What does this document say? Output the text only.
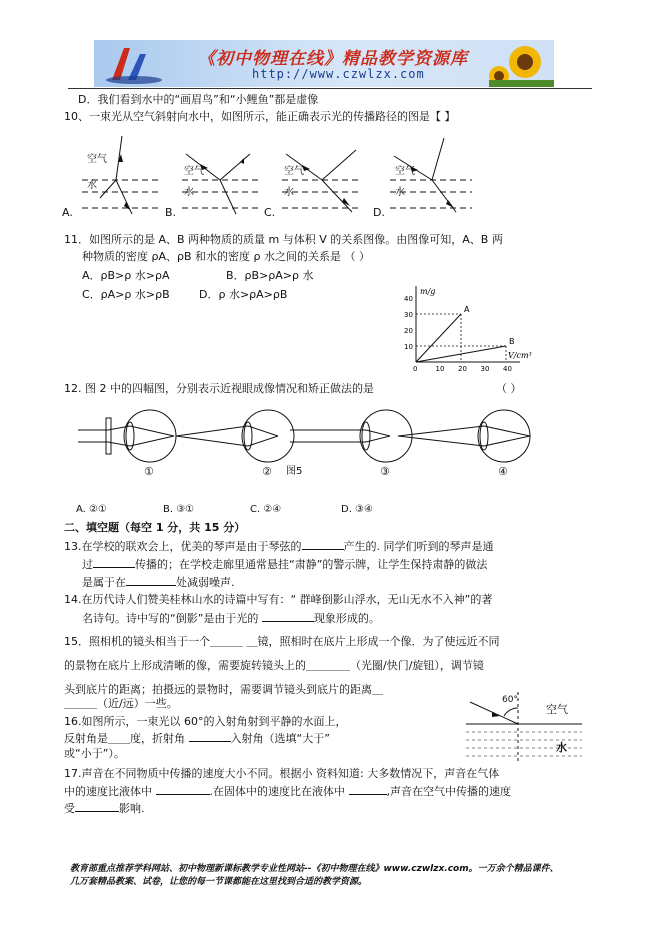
《初中物理在线》精品教学资源库
http://www.czwlzx.com
D．我们看到水中的“画眉鸟”和“小鲤鱼”都是虚像
10、一束光从空气斜射向水中，如图所示，能正确表示光的传播路径的图是【 】
空气
水
空气
水
空气
水
空气
水
A.	B.	C.	D.
11．如图所示的是 A、B 两种物质的质量 m 与体积 V 的关系图像。由图像可知，A、B 两
种物质的密度 ρA、ρB 和水的密度 ρ 水之间的关系是 （ ）
A．ρB>ρ 水>ρA	B．ρB>ρA>ρ 水
C．ρA>ρ 水>ρB	D．ρ 水>ρA>ρB	m/g
V/cm³
0	10 20 30 40
10
20
30
40
A
B
12. 图 2 中的四幅图，分别表示近视眼成像情况和矫正做法的是	（ ）
①	② 图5	③	④
A. ②①	B. ③①	C. ②④	D. ③④
二、填空题（每空 1 分，共 15 分）
13.在学校的联欢会上，优美的琴声是由于琴弦的	产生的. 同学们听到的琴声是通
过	传播的；在学校走廊里通常悬挂“肃静”的警示牌，让学生保持肃静的做法
是属于在	处减弱噪声.
14.在历代诗人们赞美桂林山水的诗篇中写有：“ 群峰倒影山浮水，无山无水不入神”的著
名诗句。诗中写的“倒影”是由于光的	现象形成的。
15．照相机的镜头相当于一个＿＿＿ ＿镜，照相时在底片上形成一个像．为了使远近不同
的景物在底片上形成清晰的像，需要旋转镜头上的＿＿＿＿（光圈/快门/旋钮），调节镜
头到底片的距离；拍摄远的景物时，需要调节镜头到底片的距离＿
＿＿＿（近/远）一些。
16.如图所示，一束光以 60°的入射角射到平静的水面上，
反射角是＿＿度，折射角	入射角（选填“大于”
或“小于”）。
60°
空气
水
17.声音在不同物质中传播的速度大小不同。根据小 资料知道: 大多数情况下，声音在气体
中的速度比液体中	.在固体中的速度比在液体中	,声音在空气中传播的速度
受	影响.
教育部重点推荐学科网站、初中物理新课标教学专业性网站--《初中物理在线》www.czwlzx.com。一万余个精品课件、
几万套精品教案、试卷，让您的每一节课都能在这里找到合适的教学资源。
